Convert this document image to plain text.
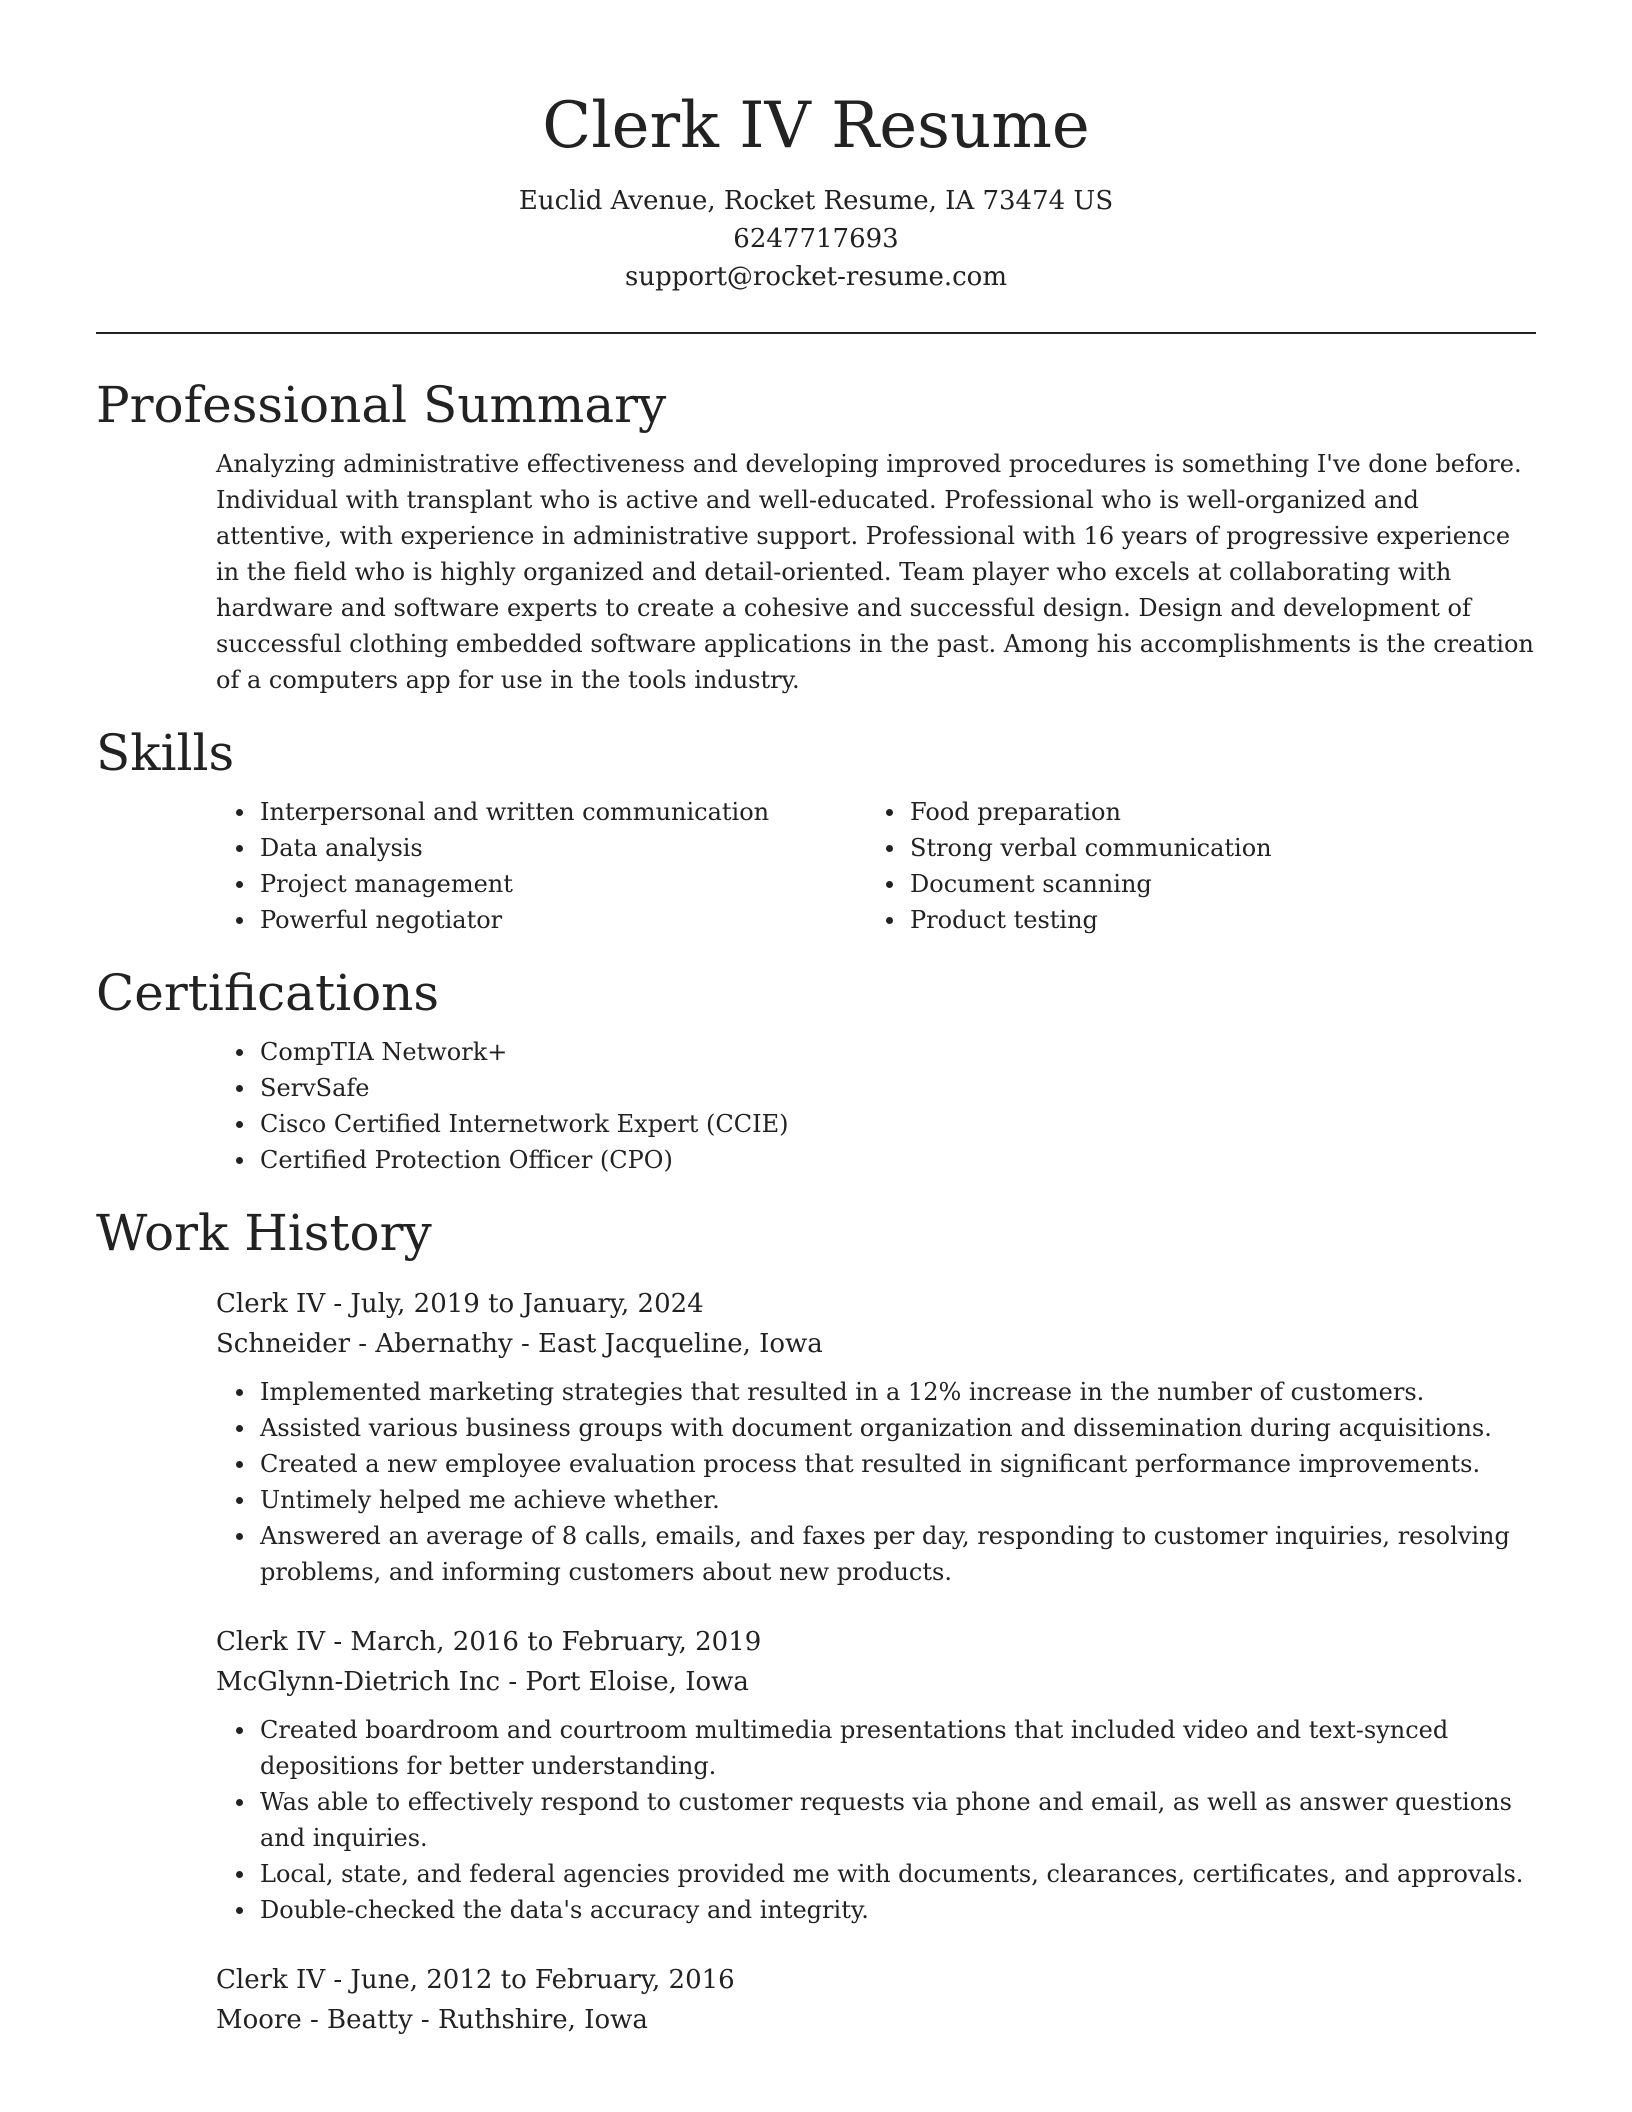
Clerk IV Resume
Euclid Avenue, Rocket Resume, IA 73474 US
6247717693
support@rocket-resume.com
Professional Summary

Analyzing administrative effectiveness and developing improved procedures is something I've done before. Individual with transplant who is active and well-educated. Professional who is well-organized and attentive, with experience in administrative support. Professional with 16 years of progressive experience in the field who is highly organized and detail-oriented. Team player who excels at collaborating with hardware and software experts to create a cohesive and successful design. Design and development of successful clothing embedded software applications in the past. Among his accomplishments is the creation of a computers app for use in the tools industry.

Skills
Interpersonal and written communication
Data analysis
Project management
Powerful negotiator
Food preparation
Strong verbal communication
Document scanning
Product testing
Certifications
CompTIA Network+
ServSafe
Cisco Certified Internetwork Expert (CCIE)
Certified Protection Officer (CPO)
Work History
Clerk IV - July, 2019 to January, 2024
Schneider - Abernathy - East Jacqueline, Iowa
Implemented marketing strategies that resulted in a 12% increase in the number of customers.
Assisted various business groups with document organization and dissemination during acquisitions.
Created a new employee evaluation process that resulted in significant performance improvements.
Untimely helped me achieve whether.
Answered an average of 8 calls, emails, and faxes per day, responding to customer inquiries, resolving problems, and informing customers about new products.
Clerk IV - March, 2016 to February, 2019
McGlynn-Dietrich Inc - Port Eloise, Iowa
Created boardroom and courtroom multimedia presentations that included video and text-synced depositions for better understanding.
Was able to effectively respond to customer requests via phone and email, as well as answer questions and inquiries.
Local, state, and federal agencies provided me with documents, clearances, certificates, and approvals.
Double-checked the data's accuracy and integrity.
Clerk IV - June, 2012 to February, 2016
Moore - Beatty - Ruthshire, Iowa
